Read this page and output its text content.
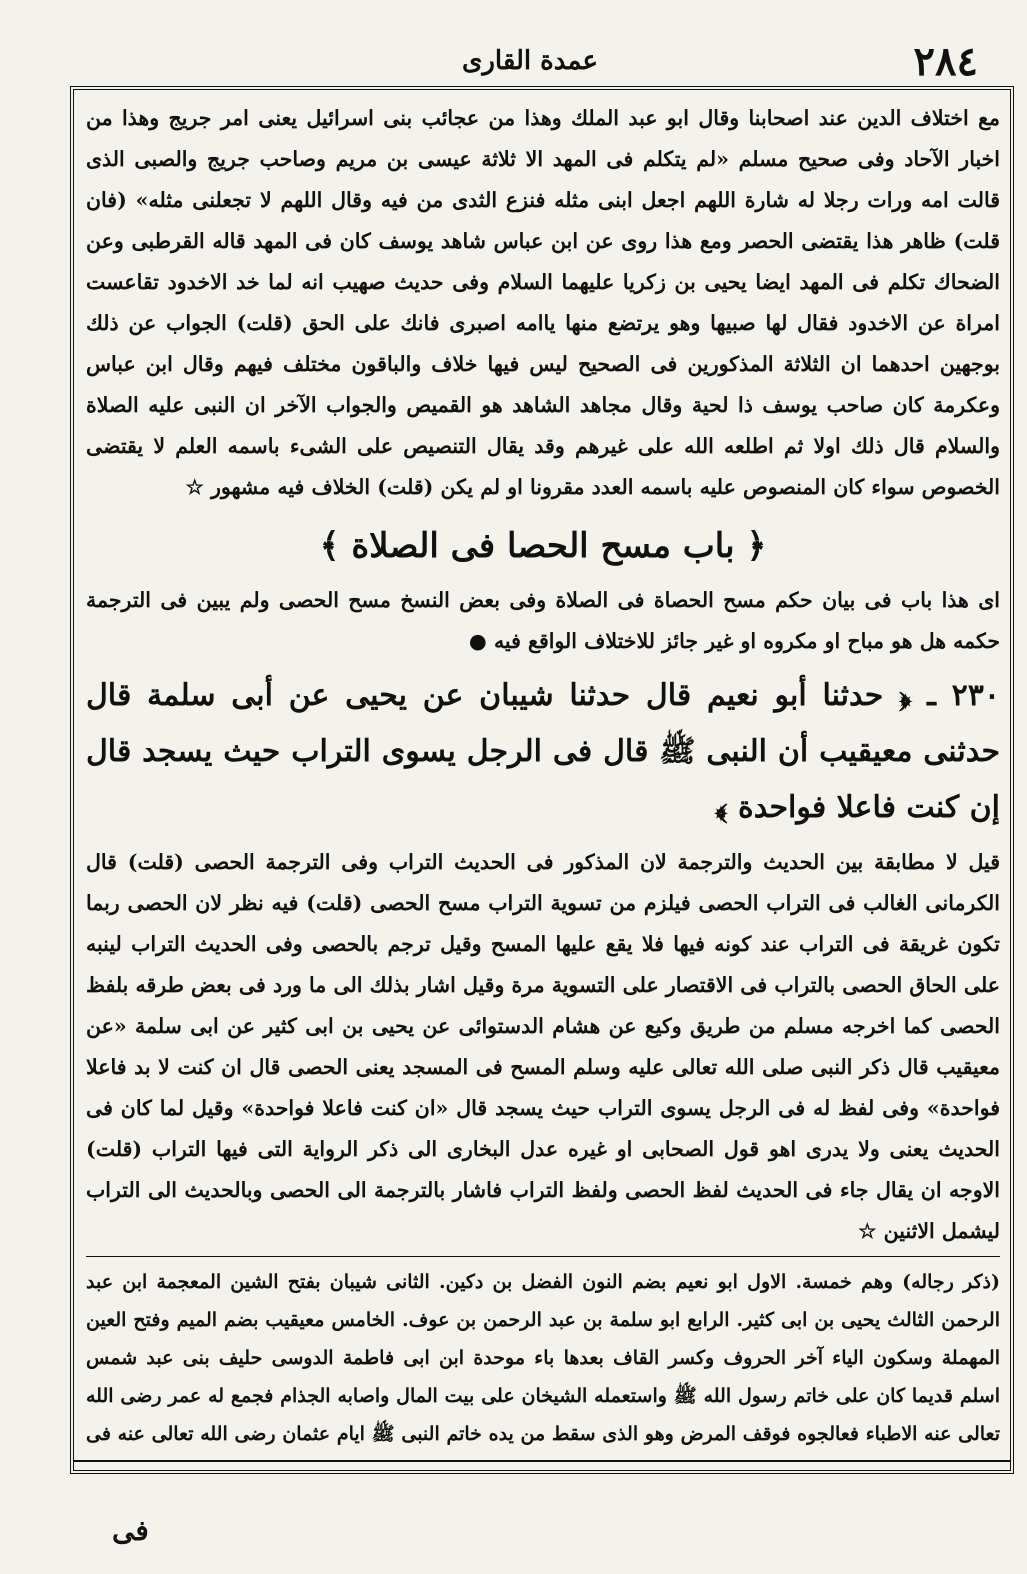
٢٨٤
عمدة القارى

مع اختلاف الدين عند اصحابنا وقال ابو عبد الملك وهذا من عجائب بنى اسرائيل يعنى امر جريج وهذا من اخبار الآحاد وفى صحيح مسلم «لم يتكلم فى المهد الا ثلاثة عيسى بن مريم وصاحب جريج والصبى الذى قالت امه ورات رجلا له شارة اللهم اجعل ابنى مثله فنزع الثدى من فيه وقال اللهم لا تجعلنى مثله» (فان قلت) ظاهر هذا يقتضى الحصر ومع هذا روى عن ابن عباس شاهد يوسف كان فى المهد قاله القرطبى وعن الضحاك تكلم فى المهد ايضا يحيى بن زكريا عليهما السلام وفى حديث صهيب انه لما خد الاخدود تقاعست امراة عن الاخدود فقال لها صبيها وهو يرتضع منها ياامه اصبرى فانك على الحق (قلت) الجواب عن ذلك بوجهين احدهما ان الثلاثة المذكورين فى الصحيح ليس فيها خلاف والباقون مختلف فيهم وقال ابن عباس وعكرمة كان صاحب يوسف ذا لحية وقال مجاهد الشاهد هو القميص والجواب الآخر ان النبى عليه الصلاة والسلام قال ذلك اولا ثم اطلعه الله على غيرهم وقد يقال التنصيص على الشىء باسمه العلم لا يقتضى الخصوص سواء كان المنصوص عليه باسمه العدد مقرونا او لم يكن (قلت) الخلاف فيه مشهور ☆

﴿ باب مسح الحصا فى الصلاة ﴾

اى هذا باب فى بيان حكم مسح الحصاة فى الصلاة وفى بعض النسخ مسح الحصى ولم يبين فى الترجمة حكمه هل هو مباح او مكروه او غير جائز للاختلاف الواقع فيه ●

٢٣٠ ـ ﴿ حدثنا أبو نعيم قال حدثنا شيبان عن يحيى عن أبى سلمة قال حدثنى معيقيب أن النبى ﷺ قال فى الرجل يسوى التراب حيث يسجد قال إن كنت فاعلا فواحدة ﴾

قيل لا مطابقة بين الحديث والترجمة لان المذكور فى الحديث التراب وفى الترجمة الحصى (قلت) قال الكرمانى الغالب فى التراب الحصى فيلزم من تسوية التراب مسح الحصى (قلت) فيه نظر لان الحصى ربما تكون غريقة فى التراب عند كونه فيها فلا يقع عليها المسح وقيل ترجم بالحصى وفى الحديث التراب لينبه على الحاق الحصى بالتراب فى الاقتصار على التسوية مرة وقيل اشار بذلك الى ما ورد فى بعض طرقه بلفظ الحصى كما اخرجه مسلم من طريق وكيع عن هشام الدستوائى عن يحيى بن ابى كثير عن ابى سلمة «عن معيقيب قال ذكر النبى صلى الله تعالى عليه وسلم المسح فى المسجد يعنى الحصى قال ان كنت لا بد فاعلا فواحدة» وفى لفظ له فى الرجل يسوى التراب حيث يسجد قال «ان كنت فاعلا فواحدة» وقيل لما كان فى الحديث يعنى ولا يدرى اهو قول الصحابى او غيره عدل البخارى الى ذكر الرواية التى فيها التراب (قلت) الاوجه ان يقال جاء فى الحديث لفظ الحصى ولفظ التراب فاشار بالترجمة الى الحصى وبالحديث الى التراب ليشمل الاثنين ☆

(ذكر رجاله) وهم خمسة. الاول ابو نعيم بضم النون الفضل بن دكين. الثانى شيبان بفتح الشين المعجمة ابن عبد الرحمن الثالث يحيى بن ابى كثير. الرابع ابو سلمة بن عبد الرحمن بن عوف. الخامس معيقيب بضم الميم وفتح العين المهملة وسكون الياء آخر الحروف وكسر القاف بعدها باء موحدة ابن ابى فاطمة الدوسى حليف بنى عبد شمس اسلم قديما كان على خاتم رسول الله ﷺ واستعمله الشيخان على بيت المال واصابه الجذام فجمع له عمر رضى الله تعالى عنه الاطباء فعالجوه فوقف المرض وهو الذى سقط من يده خاتم النبى ﷺ ايام عثمان رضى الله تعالى عنه فى

فى
